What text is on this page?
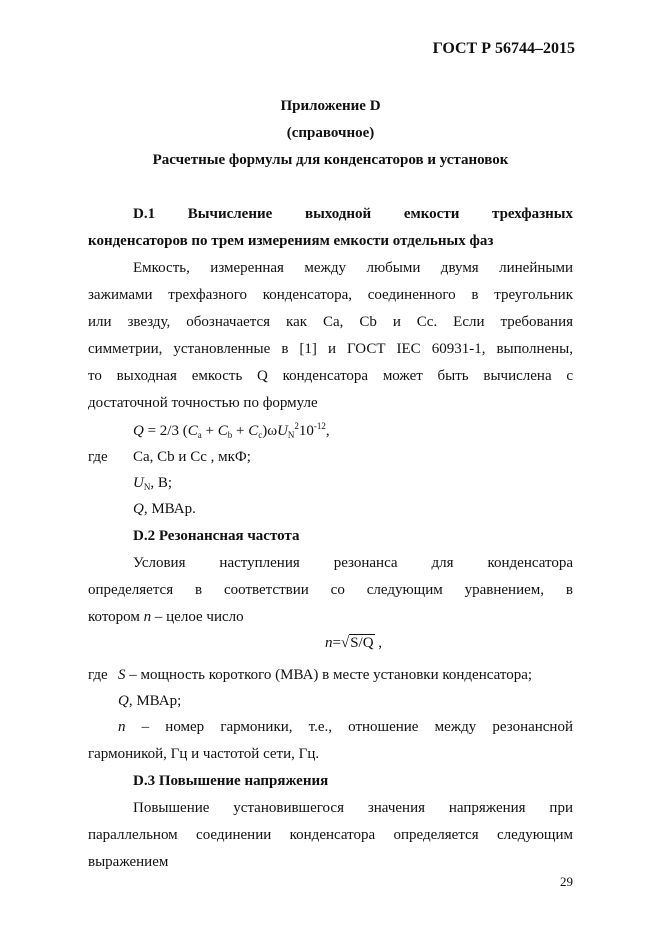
ГОСТ Р 56744–2015
Приложение D
(справочное)
Расчетные формулы для конденсаторов и установок
D.1 Вычисление выходной емкости трехфазных
конденсаторов по трем измерениям емкости отдельных фаз
Емкость, измеренная между любыми двумя линейными
зажимами трехфазного конденсатора, соединенного в треугольник
или звезду, обозначается как Ca, Cb и Cc. Если требования
симметрии, установленные в [1] и ГОСТ IEC 60931-1, выполнены,
то выходная емкость Q конденсатора может быть вычислена с
достаточной точностью по формуле
Q = 2/3 $(C_a + C_b + C_c)\omega U_N^210^{-12}$,
где Ca, Cb и Cc , мкФ;
$U_N$, В;
Q, МВАр.
D.2 Резонансная частота
Условия наступления резонанса для конденсатора
определяется в соответствии со следующим уравнением, в
котором n – целое число
n=√S/Q ,
где S – мощность короткого (МВА) в месте установки конденсатора;
Q, МВАр;
n – номер гармоники, т.е., отношение между резонансной
гармоникой, Гц и частотой сети, Гц.
D.3 Повышение напряжения
Повышение установившегося значения напряжения при
параллельном соединении конденсатора определяется следующим
выражением
29
